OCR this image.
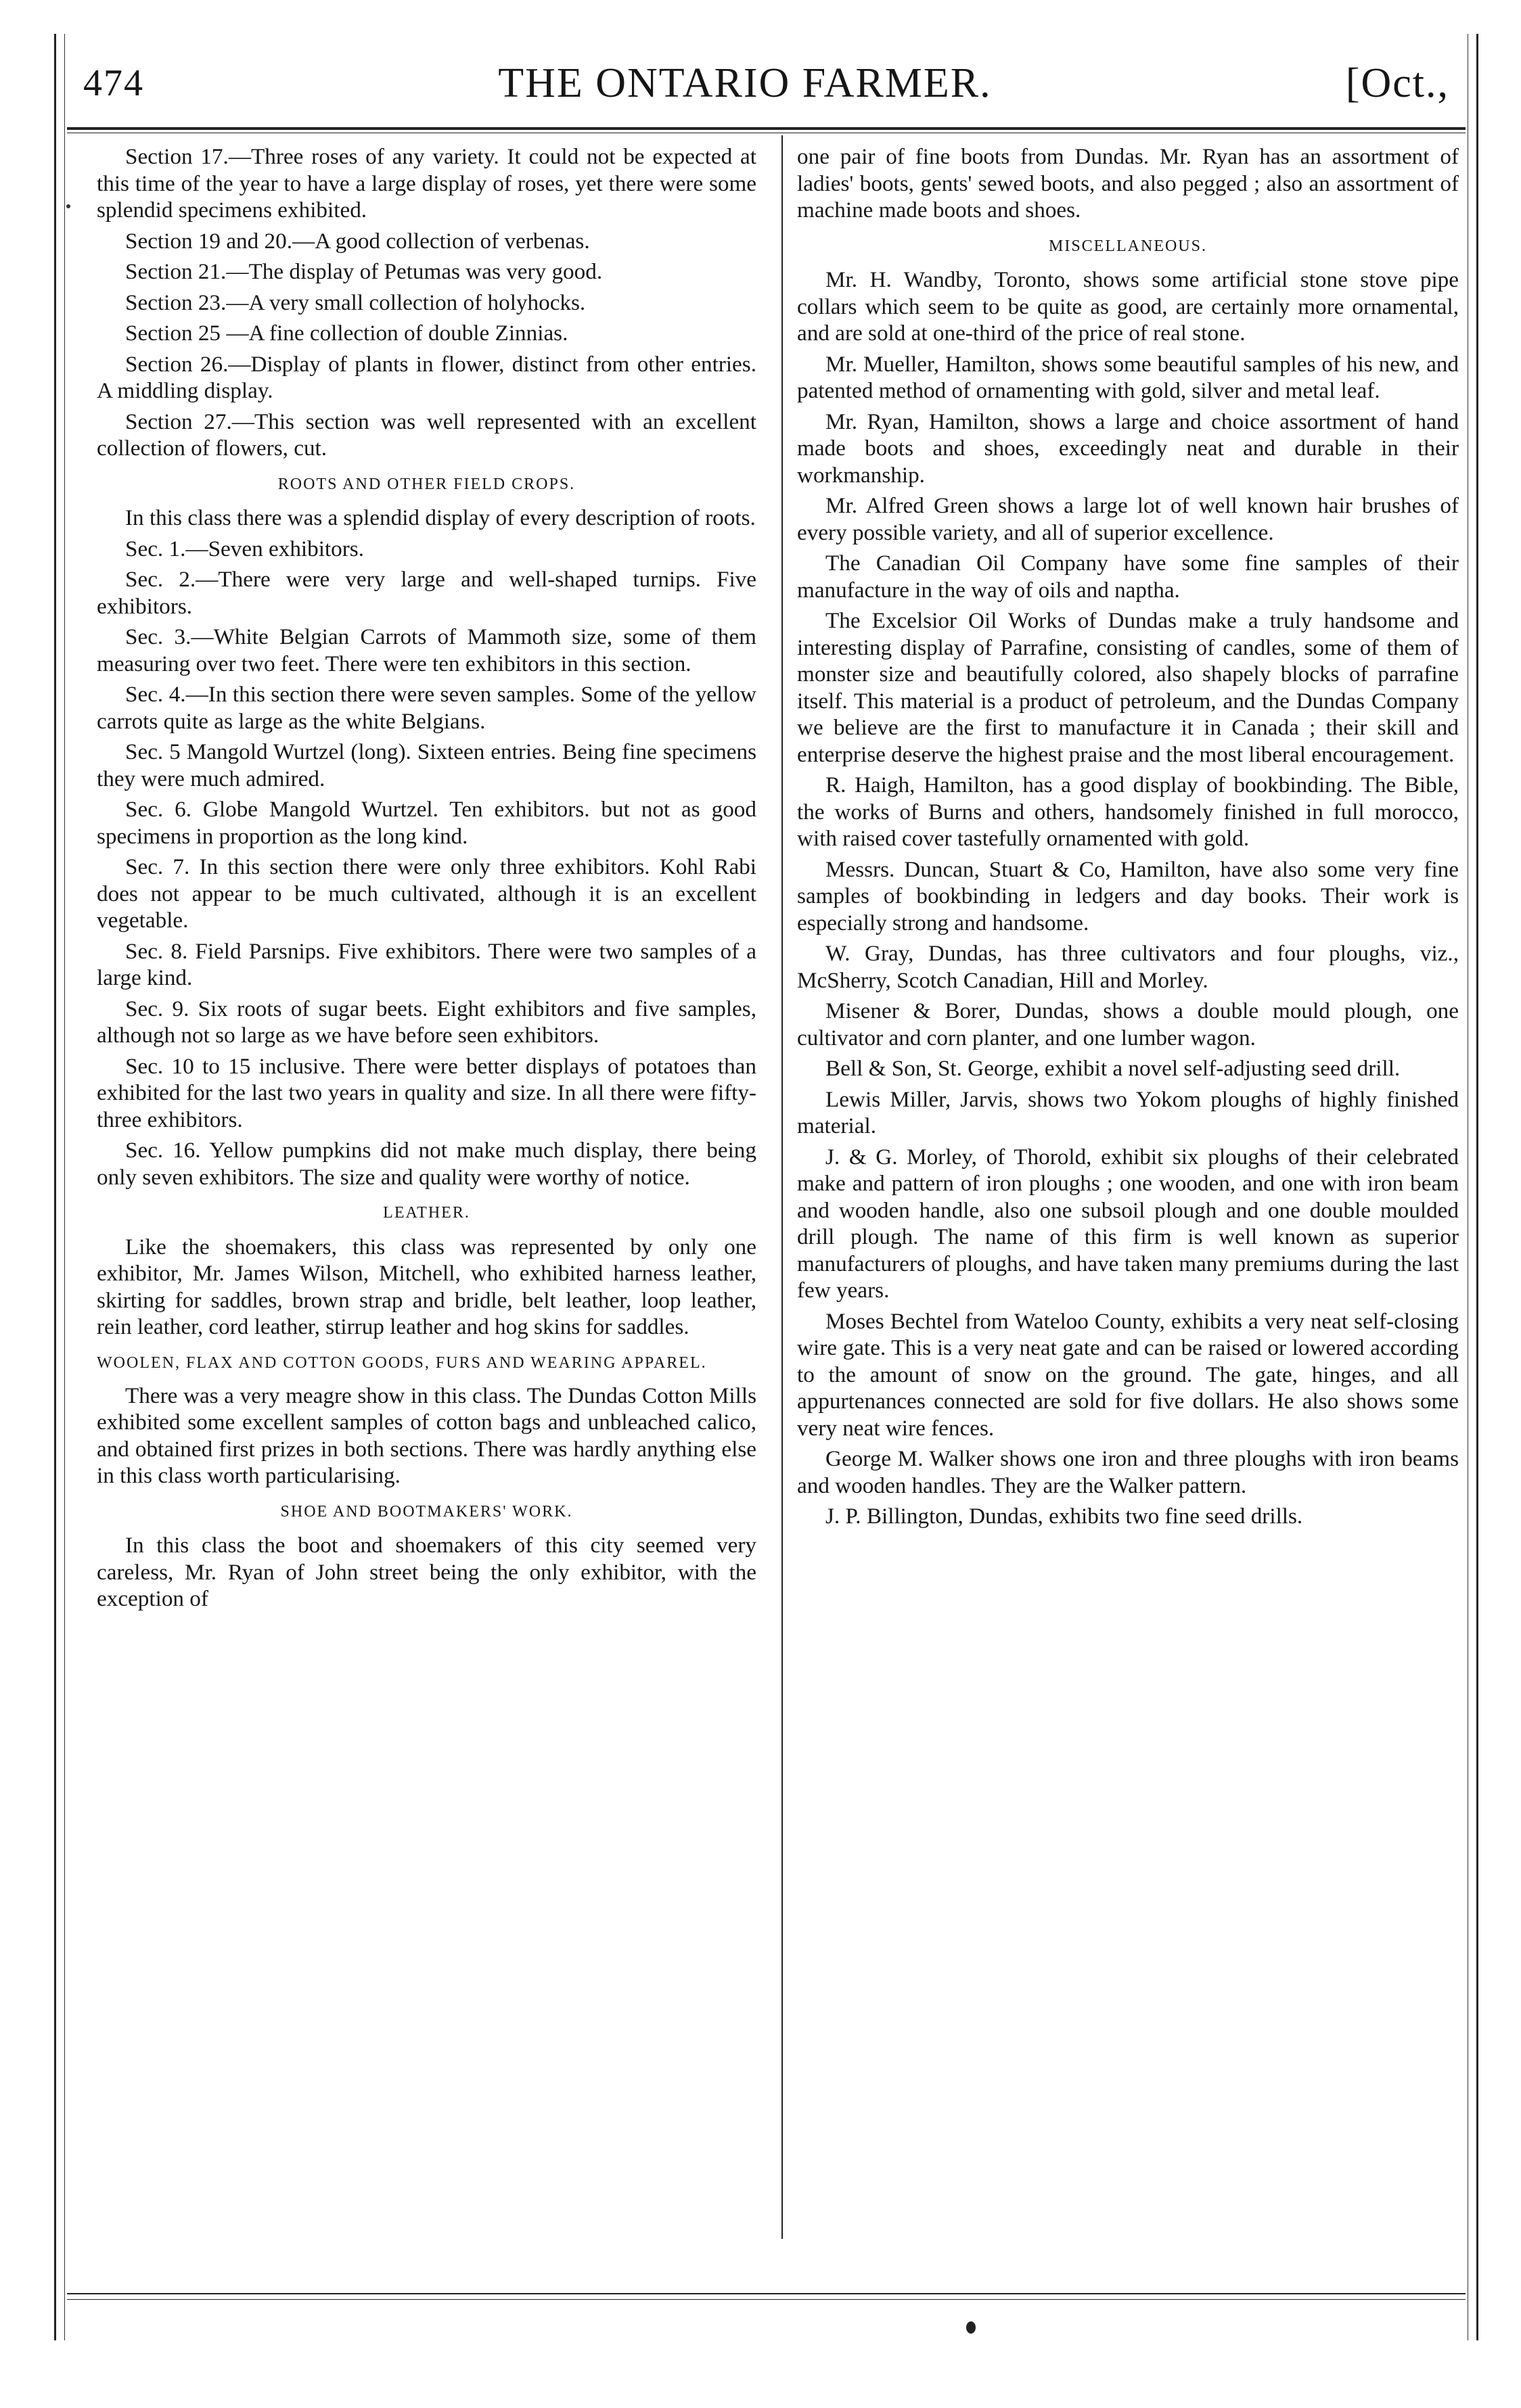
474	THE ONTARIO FARMER.	[Oct.,

Section 17.—Three roses of any variety. It could not be expected at this time of the year to have a large display of roses, yet there were some splendid specimens exhibited.

Section 19 and 20.—A good collection of verbenas.

Section 21.—The display of Petumas was very good.

Section 23.—A very small collection of holyhocks.

Section 25 —A fine collection of double Zinnias.

Section 26.—Display of plants in flower, distinct from other entries. A middling display.

Section 27.—This section was well represented with an excellent collection of flowers, cut.

ROOTS AND OTHER FIELD CROPS.

In this class there was a splendid display of every description of roots.

Sec. 1.—Seven exhibitors.

Sec. 2.—There were very large and well-shaped turnips. Five exhibitors.

Sec. 3.—White Belgian Carrots of Mammoth size, some of them measuring over two feet. There were ten exhibitors in this section.

Sec. 4.—In this section there were seven samples. Some of the yellow carrots quite as large as the white Belgians.

Sec. 5 Mangold Wurtzel (long). Sixteen entries. Being fine specimens they were much admired.

Sec. 6. Globe Mangold Wurtzel. Ten exhibitors. but not as good specimens in proportion as the long kind.

Sec. 7. In this section there were only three exhibitors. Kohl Rabi does not appear to be much cultivated, although it is an excellent vegetable.

Sec. 8. Field Parsnips. Five exhibitors. There were two samples of a large kind.

Sec. 9. Six roots of sugar beets. Eight exhibitors and five samples, although not so large as we have before seen exhibitors.

Sec. 10 to 15 inclusive. There were better displays of potatoes than exhibited for the last two years in quality and size. In all there were fifty-three exhibitors.

Sec. 16. Yellow pumpkins did not make much display, there being only seven exhibitors. The size and quality were worthy of notice.

LEATHER.

Like the shoemakers, this class was represented by only one exhibitor, Mr. James Wilson, Mitchell, who exhibited harness leather, skirting for saddles, brown strap and bridle, belt leather, loop leather, rein leather, cord leather, stirrup leather and hog skins for saddles.

WOOLEN, FLAX AND COTTON GOODS, FURS AND WEARING APPAREL.

There was a very meagre show in this class. The Dundas Cotton Mills exhibited some excellent samples of cotton bags and unbleached calico, and obtained first prizes in both sections. There was hardly anything else in this class worth particularising.

SHOE AND BOOTMAKERS' WORK.

In this class the boot and shoemakers of this city seemed very careless, Mr. Ryan of John street being the only exhibitor, with the exception of

one pair of fine boots from Dundas. Mr. Ryan has an assortment of ladies' boots, gents' sewed boots, and also pegged ; also an assortment of machine made boots and shoes.

MISCELLANEOUS.

Mr. H. Wandby, Toronto, shows some artificial stone stove pipe collars which seem to be quite as good, are certainly more ornamental, and are sold at one-third of the price of real stone.

Mr. Mueller, Hamilton, shows some beautiful samples of his new, and patented method of ornamenting with gold, silver and metal leaf.

Mr. Ryan, Hamilton, shows a large and choice assortment of hand made boots and shoes, exceedingly neat and durable in their workmanship.

Mr. Alfred Green shows a large lot of well known hair brushes of every possible variety, and all of superior excellence.

The Canadian Oil Company have some fine samples of their manufacture in the way of oils and naptha.

The Excelsior Oil Works of Dundas make a truly handsome and interesting display of Parrafine, consisting of candles, some of them of monster size and beautifully colored, also shapely blocks of parrafine itself. This material is a product of petroleum, and the Dundas Company we believe are the first to manufacture it in Canada ; their skill and enterprise deserve the highest praise and the most liberal encouragement.

R. Haigh, Hamilton, has a good display of bookbinding. The Bible, the works of Burns and others, handsomely finished in full morocco, with raised cover tastefully ornamented with gold.

Messrs. Duncan, Stuart & Co, Hamilton, have also some very fine samples of bookbinding in ledgers and day books. Their work is especially strong and handsome.

W. Gray, Dundas, has three cultivators and four ploughs, viz., McSherry, Scotch Canadian, Hill and Morley.

Misener & Borer, Dundas, shows a double mould plough, one cultivator and corn planter, and one lumber wagon.

Bell & Son, St. George, exhibit a novel self-adjusting seed drill.

Lewis Miller, Jarvis, shows two Yokom ploughs of highly finished material.

J. & G. Morley, of Thorold, exhibit six ploughs of their celebrated make and pattern of iron ploughs ; one wooden, and one with iron beam and wooden handle, also one subsoil plough and one double moulded drill plough. The name of this firm is well known as superior manufacturers of ploughs, and have taken many premiums during the last few years.

Moses Bechtel from Wateloo County, exhibits a very neat self-closing wire gate. This is a very neat gate and can be raised or lowered according to the amount of snow on the ground. The gate, hinges, and all appurtenances connected are sold for five dollars. He also shows some very neat wire fences.

George M. Walker shows one iron and three ploughs with iron beams and wooden handles. They are the Walker pattern.

J. P. Billington, Dundas, exhibits two fine seed drills.
